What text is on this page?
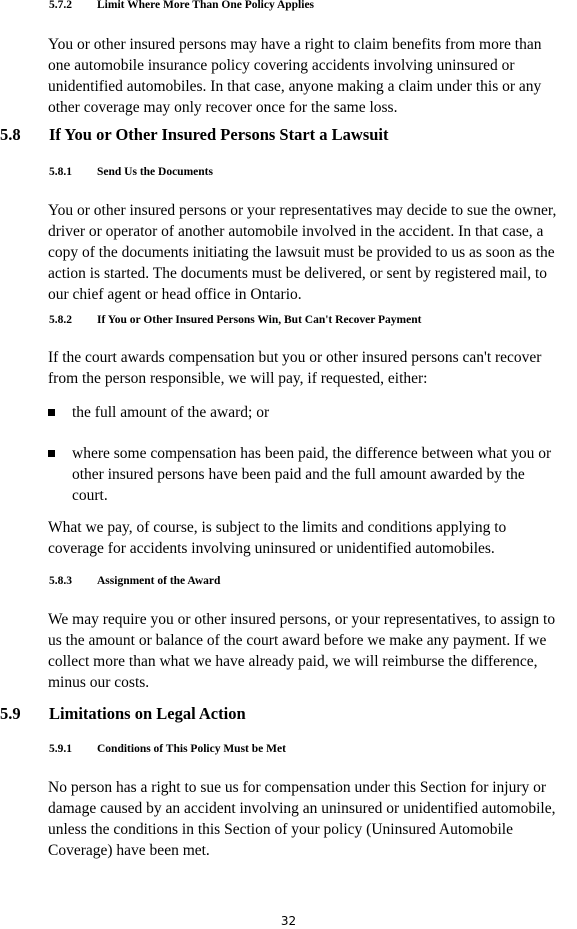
5.7.2 Limit Where More Than One Policy Applies

You or other insured persons may have a right to claim benefits from more than
one automobile insurance policy covering accidents involving uninsured or
unidentified automobiles. In that case, anyone making a claim under this or any
other coverage may only recover once for the same loss.

5.8 If You or Other Insured Persons Start a Lawsuit
5.8.1 Send Us the Documents

You or other insured persons or your representatives may decide to sue the owner,
driver or operator of another automobile involved in the accident. In that case, a
copy of the documents initiating the lawsuit must be provided to us as soon as the
action is started. The documents must be delivered, or sent by registered mail, to
our chief agent or head office in Ontario.

5.8.2 If You or Other Insured Persons Win, But Can't Recover Payment

If the court awards compensation but you or other insured persons can't recover
from the person responsible, we will pay, if requested, either:

the full amount of the award; or
where some compensation has been paid, the difference between what you or
other insured persons have been paid and the full amount awarded by the
court.

What we pay, of course, is subject to the limits and conditions applying to
coverage for accidents involving uninsured or unidentified automobiles.

5.8.3 Assignment of the Award

We may require you or other insured persons, or your representatives, to assign to
us the amount or balance of the court award before we make any payment. If we
collect more than what we have already paid, we will reimburse the difference,
minus our costs.

5.9 Limitations on Legal Action
5.9.1 Conditions of This Policy Must be Met

No person has a right to sue us for compensation under this Section for injury or
damage caused by an accident involving an uninsured or unidentified automobile,
unless the conditions in this Section of your policy (Uninsured Automobile
Coverage) have been met.

32
